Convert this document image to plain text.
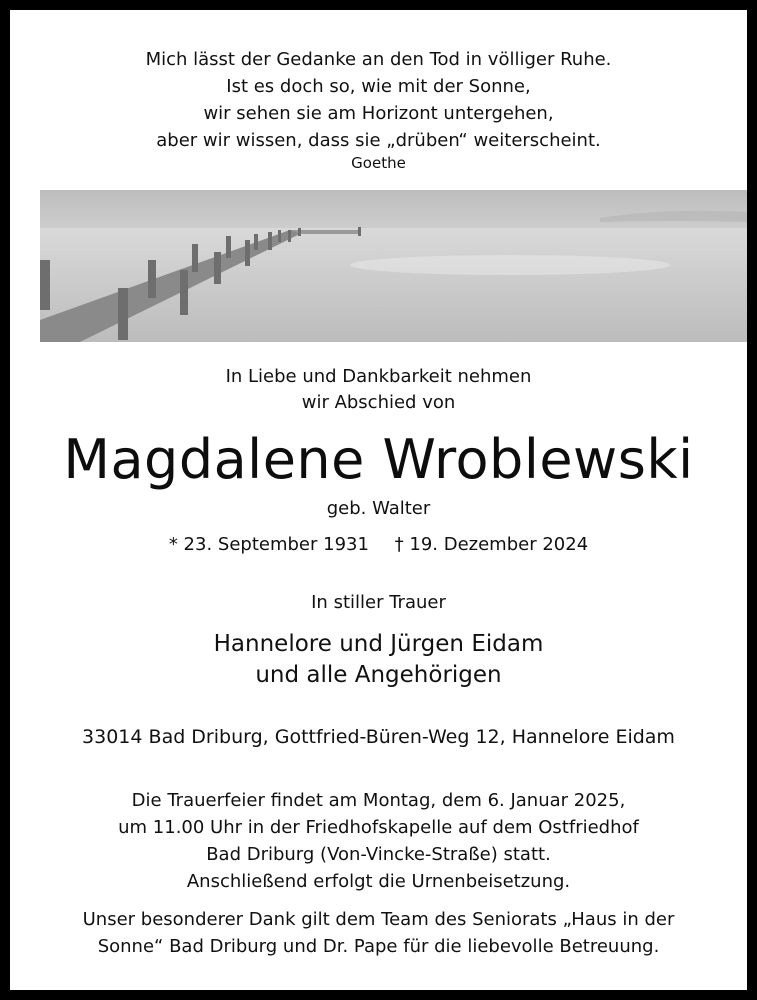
Mich lässt der Gedanke an den Tod in völliger Ruhe.
Ist es doch so, wie mit der Sonne,
wir sehen sie am Horizont untergehen,
aber wir wissen, dass sie „drüben“ weiterscheint.
Goethe
In Liebe und Dankbarkeit nehmen
wir Abschied von
Magdalene Wroblewski
geb. Walter
* 23. September 1931 † 19. Dezember 2024
In stiller Trauer
Hannelore und Jürgen Eidam
und alle Angehörigen
33014 Bad Driburg, Gottfried-Büren-Weg 12, Hannelore Eidam
Die Trauerfeier findet am Montag, dem 6. Januar 2025,
um 11.00 Uhr in der Friedhofskapelle auf dem Ostfriedhof
Bad Driburg (Von-Vincke-Straße) statt.
Anschließend erfolgt die Urnenbeisetzung.
Unser besonderer Dank gilt dem Team des Seniorats „Haus in der
Sonne“ Bad Driburg und Dr. Pape für die liebevolle Betreuung.
